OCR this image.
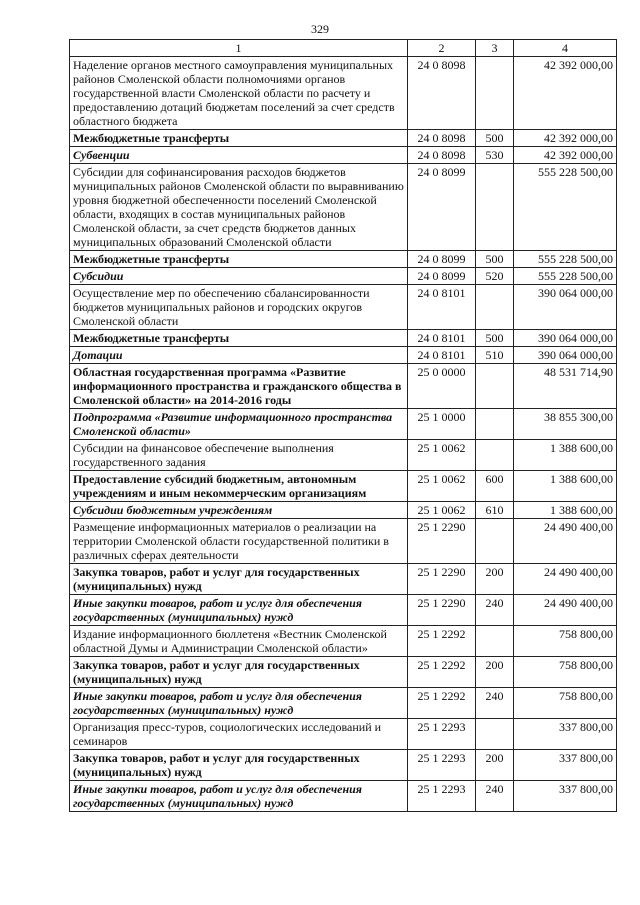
329
1	2	3	4
Наделение органов местного самоуправления муниципальных районов Смоленской области полномочиями органов государственной власти Смоленской области по расчету и предоставлению дотаций бюджетам поселений за счет средств областного бюджета	24 0 8098		42 392 000,00
Межбюджетные трансферты	24 0 8098	500	42 392 000,00
Субвенции	24 0 8098	530	42 392 000,00
Субсидии для софинансирования расходов бюджетов муниципальных районов Смоленской области по выравниванию уровня бюджетной обеспеченности поселений Смоленской области, входящих в состав муниципальных районов Смоленской области, за счет средств бюджетов данных муниципальных образований Смоленской области	24 0 8099		555 228 500,00
Межбюджетные трансферты	24 0 8099	500	555 228 500,00
Субсидии	24 0 8099	520	555 228 500,00
Осуществление мер по обеспечению сбалансированности бюджетов муниципальных районов и городских округов Смоленской области	24 0 8101		390 064 000,00
Межбюджетные трансферты	24 0 8101	500	390 064 000,00
Дотации	24 0 8101	510	390 064 000,00
Областная государственная программа «Развитие информационного пространства и гражданского общества в Смоленской области» на 2014-2016 годы	25 0 0000		48 531 714,90
Подпрограмма «Развитие информационного пространства Смоленской области»	25 1 0000		38 855 300,00
Субсидии на финансовое обеспечение выполнения государственного задания	25 1 0062		1 388 600,00
Предоставление субсидий бюджетным, автономным учреждениям и иным некоммерческим организациям	25 1 0062	600	1 388 600,00
Субсидии бюджетным учреждениям	25 1 0062	610	1 388 600,00
Размещение информационных материалов о реализации на территории Смоленской области государственной политики в различных сферах деятельности	25 1 2290		24 490 400,00
Закупка товаров, работ и услуг для государственных (муниципальных) нужд	25 1 2290	200	24 490 400,00
Иные закупки товаров, работ и услуг для обеспечения государственных (муниципальных) нужд	25 1 2290	240	24 490 400,00
Издание информационного бюллетеня «Вестник Смоленской областной Думы и Администрации Смоленской области»	25 1 2292		758 800,00
Закупка товаров, работ и услуг для государственных (муниципальных) нужд	25 1 2292	200	758 800,00
Иные закупки товаров, работ и услуг для обеспечения государственных (муниципальных) нужд	25 1 2292	240	758 800,00
Организация пресс-туров, социологических исследований и семинаров	25 1 2293		337 800,00
Закупка товаров, работ и услуг для государственных (муниципальных) нужд	25 1 2293	200	337 800,00
Иные закупки товаров, работ и услуг для обеспечения государственных (муниципальных) нужд	25 1 2293	240	337 800,00
